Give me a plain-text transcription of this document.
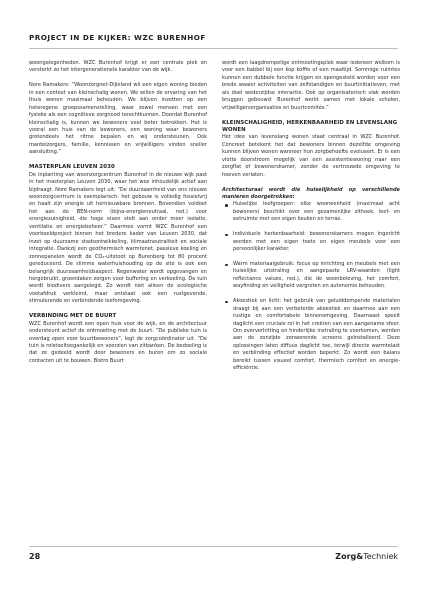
PROJECT IN DE KIJKER: WZC BURENHOF

woongelegenheden. WZC Burenhof krijgt er een centrale plek en versterkt zo het intergenerationele karakter van de wijk.

Nore Ramakers: “Woonzorgnet-Dijleland wil een eigen woning bieden in een context van kleinschalig wonen. We willen de ervaring van het thuis wonen maximaal behouden. We blijven inzetten op een heterogene groepssamenstelling, waar zowel mensen met een fysieke als een cognitieve zorgnood terechtkunnen. Doordat Burenhof kleinschalig is, kunnen we bewoners veel beter betrekken. Het is vooral een huis van de bewoners, een woning waar bewoners grotendeels het ritme bepalen en wij ondersteunen. Ook mantelzorgers, familie, kennissen en vrijwilligers vinden sneller aansluiting.”

MASTERPLAN LEUVEN 2030

De inplanting van woonzorgcentrum Burenhof in de nieuwe wijk past in het masterplan Leuven 2030, waar het woz inhoudelijk actief aan bijdraagt. Nore Ramakers legt uit: “De duurzaamheid van ons nieuwe woonzorgcentrum is exemplarisch: het gebouw is volledig fossielvrij en haalt zijn energie uit hernieuwbare bronnen. Bovendien voldoet het aan de BEN-norm (bijna-energieneutraal, red.) voor energiezuinigheid, die hoge eisen stelt aan onder meer isolatie, ventilatie en energiebeheer.” Daarmee vormt WZC Burenhof een voorbeeldproject binnen het bredere kader van Leuven 2030, dat inzet op duurzame stadsontwikkeling, klimaatneutraliteit en sociale integratie. Dankzij een geothermisch warmtenet, passieve koeling en zonnepanelen wordt de CO₂-uitstoot op Burenberg tot 80 procent gereduceerd. De slimme waterhuishouding op de site is ook een belangrijk duurzaamheidsaspect. Regenwater wordt opgevangen en hergebruikt, groendaken zorgen voor buffering en verkoeling. De tuin wordt biodivers aangelegd. Zo wordt niet alleen de ecologische voetafdruk verkleind, maar ontstaat ook een rustgevende, stimulerende en verbindende leefomgeving.

VERBINDING MET DE BUURT

WZC Burenhof wordt een open huis voor de wijk, en de architectuur ondersteunt actief de ontmoeting met de buurt. “De publieke tuin is overdag open voor buurtbewoners”, legt de zorgcoördinator uit. “De tuin is rolstoeltoegankelijk en voorzien van zitbanken. De bedoeling is dat ze gedeeld wordt door bewoners en buren om zo sociale contacten uit te bouwen. Bistro Buurt

wordt een laagdrempelige ontmoetingsplek waar iedereen welkom is voor een babbel bij een kop koffie of een maaltijd. Sommige ruimtes kunnen een dubbele functie krijgen en opengesteld worden voor een brede waaier activiteiten van zelfstandigen en buurtinitiatieven, met als doel wederzijdse interactie. Ook op organisatorisch vlak worden bruggen gebouwd: Burenhof werkt samen met lokale scholen, vrijwilligersorganisaties en buurtcomités.”

KLEINSCHALIGHEID, HERKENBAARHEID EN LEVENSLANG WONEN

Het idee van levenslang wonen staat centraal in WZC Burenhof. Concreet betekent het dat bewoners binnen dezelfde omgeving kunnen blijven wonen wanneer hun zorgbehoefte evolueert. Er is een vlotte doorstroom mogelijk van een assistentiewoning naar een zorgflat of bewonerskamer, zonder de vertrouwde omgeving te hoeven verlaten.

Architecturaal wordt die huiselijkheid op verschillende manieren doorgetrokken:

Huiselijke leefgroepen: elke wooneenheid (maximaal acht bewoners) beschikt over een gezamenlijke zithoek, leef- en eetruimte met een eigen keuken en terras.
Individuele herkenbaarheid: bewonerskamers mogen ingericht worden met een eigen toets en eigen meubels voor een persoonlijker karakter.
Warm materiaalgebruik: focus op inrichting en meubels met een huiselijke uitstraling en aangepaste LRV-waarden (light reflectance values, red.), die de woonbeleving, het comfort, wayfinding en veiligheid vergroten en autonomie behouden.
Akoestiek en licht: het gebruik van geluiddempende materialen draagt bij aan een verbeterde akoestiek en daarmee aan een rustige en comfortabele binnenomgeving. Daarnaast speelt daglicht een cruciale rol in het creëren van een aangename sfeer. Om oververhitting en hinderlijke instraling te voorkomen, werden aan de zonzijde zonwerende screens geïnstalleerd. Deze oplossingen laten diffuus daglicht toe, terwijl directe warmtelast en verblinding effectief worden beperkt. Zo wordt een balans bereikt tussen visueel comfort, thermisch comfort en energie-efficiëntie.
28	Zorg&Techniek
